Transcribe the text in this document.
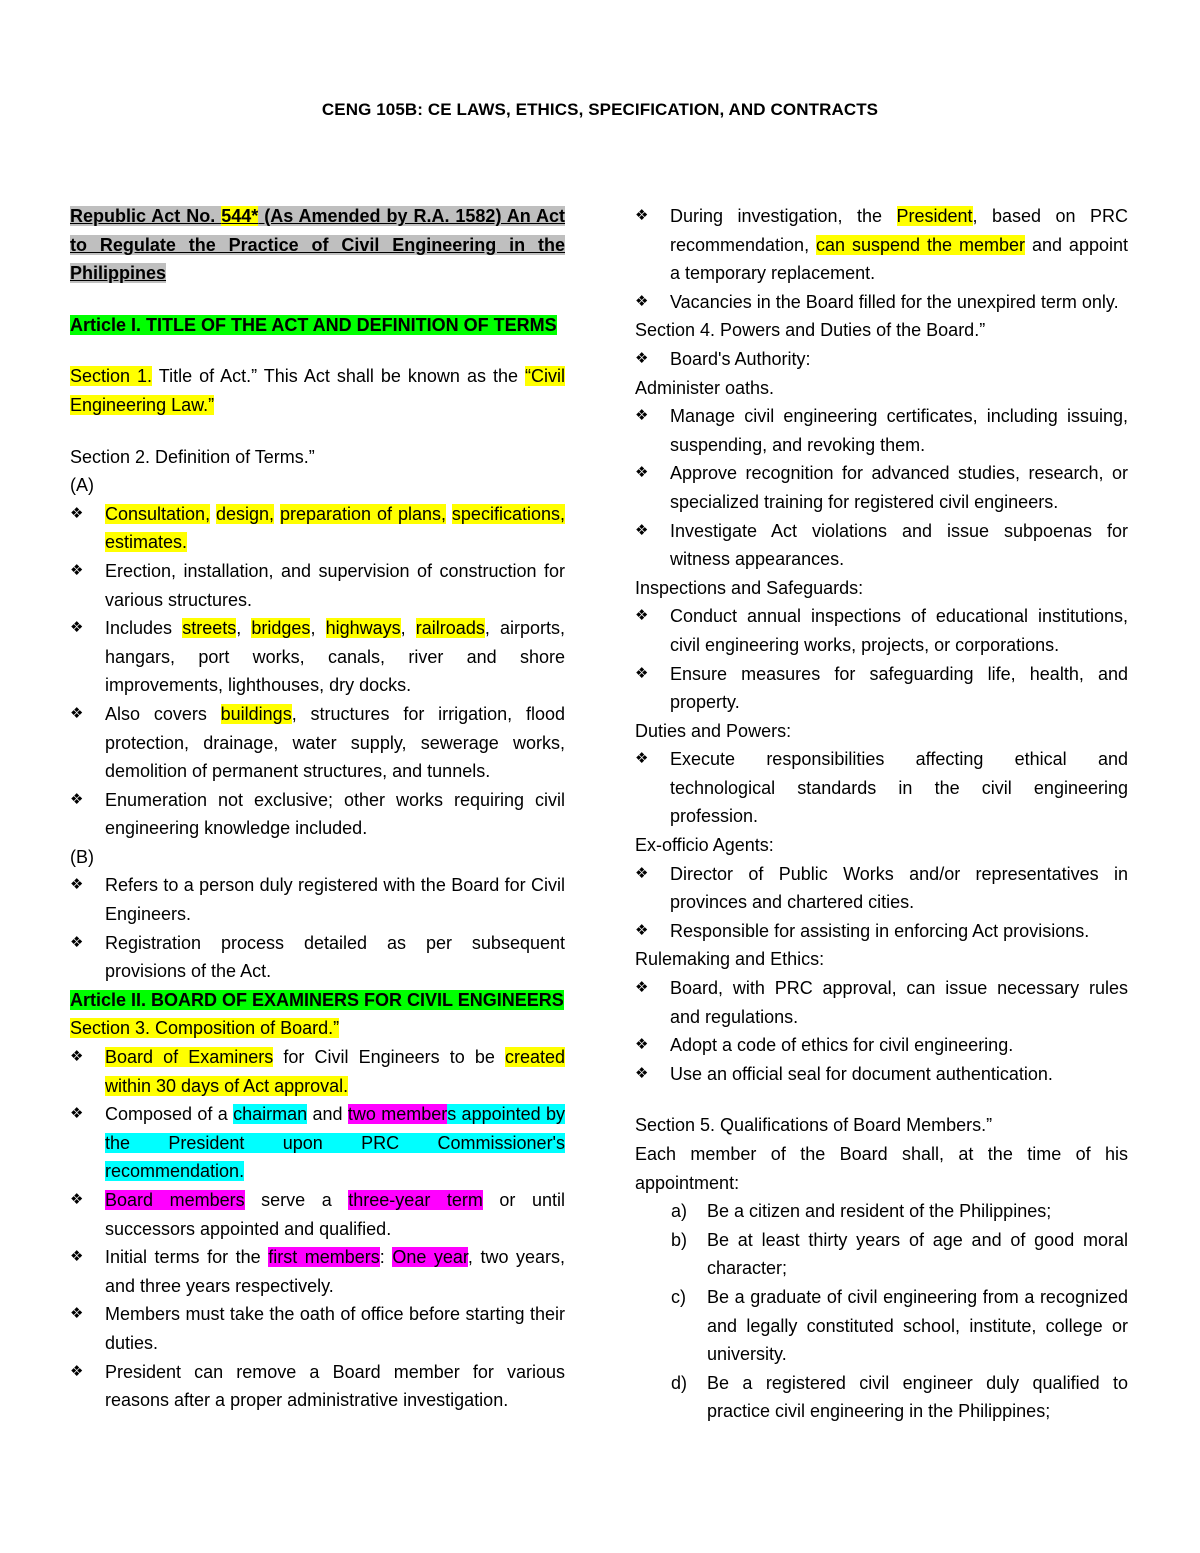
CENG 105B: CE LAWS, ETHICS, SPECIFICATION, AND CONTRACTS

Republic Act No. 544* (As Amended by R.A. 1582) An Act to Regulate the Practice of Civil Engineering in the Philippines

Article I. TITLE OF THE ACT AND DEFINITION OF TERMS

Section 1. Title of Act.” This Act shall be known as the “Civil Engineering Law.”

Section 2. Definition of Terms.”

(A)

❖	Consultation, design, preparation of plans, specifications, estimates.
❖	Erection, installation, and supervision of construction for various structures.
❖	Includes streets, bridges, highways, railroads, airports, hangars, port works, canals, river and shore improvements, lighthouses, dry docks.
❖	Also covers buildings, structures for irrigation, flood protection, drainage, water supply, sewerage works, demolition of permanent structures, and tunnels.
❖	Enumeration not exclusive; other works requiring civil engineering knowledge included.

(B)

❖	Refers to a person duly registered with the Board for Civil Engineers.
❖	Registration process detailed as per subsequent provisions of the Act.

Article II. BOARD OF EXAMINERS FOR CIVIL ENGINEERS

Section 3. Composition of Board.”

❖	Board of Examiners for Civil Engineers to be created within 30 days of Act approval.
❖	Composed of a chairman and two members appointed by the President upon PRC Commissioner's recommendation.
❖	Board members serve a three-year term or until successors appointed and qualified.
❖	Initial terms for the first members: One year, two years, and three years respectively.
❖	Members must take the oath of office before starting their duties.
❖	President can remove a Board member for various reasons after a proper administrative investigation.
❖	During investigation, the President, based on PRC recommendation, can suspend the member and appoint a temporary replacement.
❖	Vacancies in the Board filled for the unexpired term only.

Section 4. Powers and Duties of the Board.”

❖	Board's Authority:

Administer oaths.

❖	Manage civil engineering certificates, including issuing, suspending, and revoking them.
❖	Approve recognition for advanced studies, research, or specialized training for registered civil engineers.
❖	Investigate Act violations and issue subpoenas for witness appearances.

Inspections and Safeguards:

❖	Conduct annual inspections of educational institutions, civil engineering works, projects, or corporations.
❖	Ensure measures for safeguarding life, health, and property.

Duties and Powers:

❖	Execute responsibilities affecting ethical and technological standards in the civil engineering profession.

Ex-officio Agents:

❖	Director of Public Works and/or representatives in provinces and chartered cities.
❖	Responsible for assisting in enforcing Act provisions.

Rulemaking and Ethics:

❖	Board, with PRC approval, can issue necessary rules and regulations.
❖	Adopt a code of ethics for civil engineering.
❖	Use an official seal for document authentication.

Section 5. Qualifications of Board Members.”

Each member of the Board shall, at the time of his appointment:

a)	Be a citizen and resident of the Philippines;
b)	Be at least thirty years of age and of good moral character;
c)	Be a graduate of civil engineering from a recognized and legally constituted school, institute, college or university.
d)	Be a registered civil engineer duly qualified to practice civil engineering in the Philippines;
